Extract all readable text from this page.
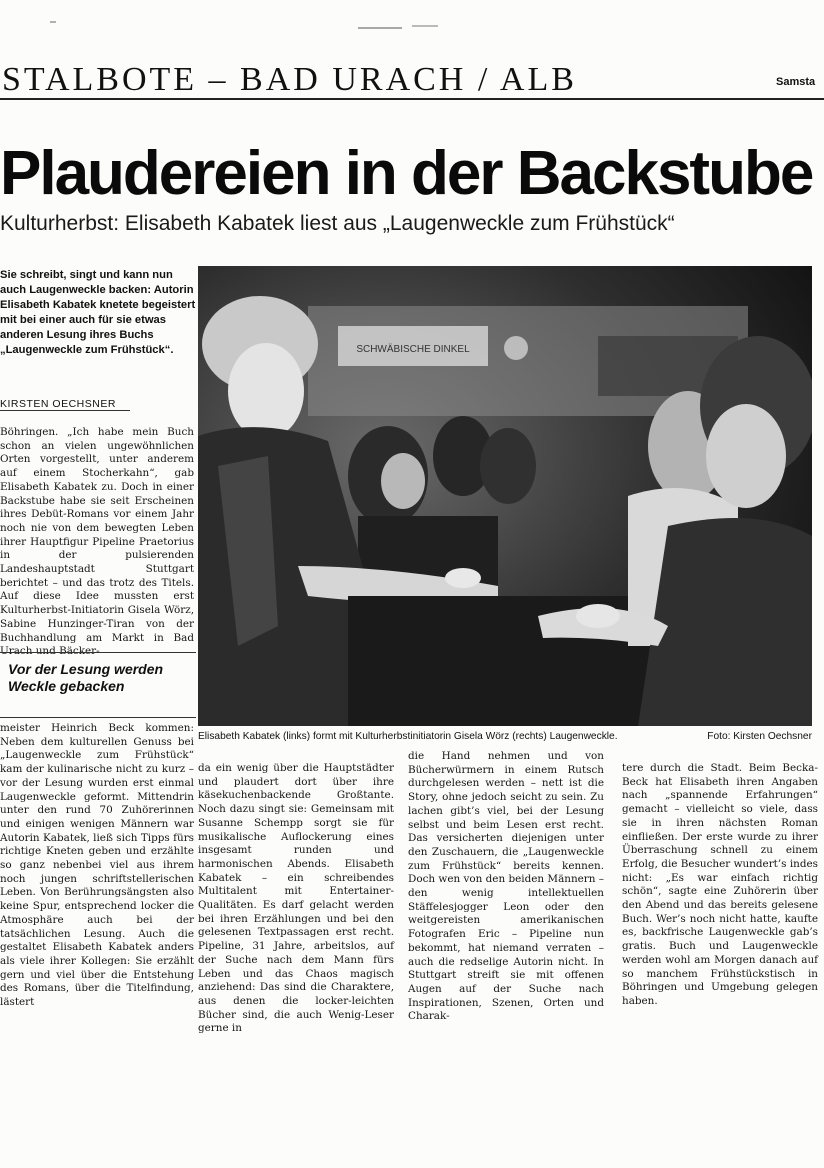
STALBOTE – BAD URACH / ALB	Samsta
Plaudereien in der Backstube
Kulturherbst: Elisabeth Kabatek liest aus „Laugenweckle zum Frühstück“
Sie schreibt, singt und kann nun auch Laugenweckle backen: Autorin Elisabeth Kabatek knetete begeistert mit bei einer auch für sie etwas anderen Lesung ihres Buchs „Laugenweckle zum Frühstück“.
KIRSTEN OECHSNER

Böhringen. „Ich habe mein Buch schon an vielen ungewöhnlichen Orten vorgestellt, unter anderem auf einem Stocherkahn“, gab Elisabeth Kabatek zu. Doch in einer Backstube habe sie seit Erscheinen ihres Debüt-Romans vor einem Jahr noch nie von dem bewegten Leben ihrer Hauptfigur Pipeline Praetorius in der pulsierenden Landeshauptstadt Stuttgart berichtet – und das trotz des Titels. Auf diese Idee mussten erst Kulturherbst-Initiatorin Gisela Wörz, Sabine Hunzinger-Tiran von der Buchhandlung am Markt in Bad Urach und Bäcker-

Vor der Lesung werden Weckle gebacken

meister Heinrich Beck kommen: Neben dem kulturellen Genuss bei „Laugenweckle zum Frühstück“ kam der kulinarische nicht zu kurz – vor der Lesung wurden erst einmal Laugenweckle geformt. Mittendrin unter den rund 70 Zuhörerinnen und einigen wenigen Männern war Autorin Kabatek, ließ sich Tipps fürs richtige Kneten geben und erzählte so ganz nebenbei viel aus ihrem noch jungen schriftstellerischen Leben. Von Berührungsängsten also keine Spur, entsprechend locker die Atmosphäre auch bei der tatsächlichen Lesung. Auch die gestaltet Elisabeth Kabatek anders als viele ihrer Kollegen: Sie erzählt gern und viel über die Entstehung des Romans, über die Titelfindung, lästert

SCHWÄBISCHE DINKEL
Elisabeth Kabatek (links) formt mit Kulturherbstinitiatorin Gisela Wörz (rechts) Laugenweckle.	Foto: Kirsten Oechsner

da ein wenig über die Hauptstädter und plaudert dort über ihre käsekuchenbackende Großtante. Noch dazu singt sie: Gemeinsam mit Susanne Schempp sorgt sie für musikalische Auflockerung eines insgesamt runden und harmonischen Abends. Elisabeth Kabatek – ein schreibendes Multitalent mit Entertainer-Qualitäten. Es darf gelacht werden bei ihren Erzählungen und bei den gelesenen Textpassagen erst recht. Pipeline, 31 Jahre, arbeitslos, auf der Suche nach dem Mann fürs Leben und das Chaos magisch anziehend: Das sind die Charaktere, aus denen die locker-leichten Bücher sind, die auch Wenig-Leser gerne in

die Hand nehmen und von Bücherwürmern in einem Rutsch durchgelesen werden – nett ist die Story, ohne jedoch seicht zu sein. Zu lachen gibt’s viel, bei der Lesung selbst und beim Lesen erst recht. Das versicherten diejenigen unter den Zuschauern, die „Laugenweckle zum Frühstück“ bereits kennen. Doch wen von den beiden Männern – den wenig intellektuellen Stäffelesjogger Leon oder den weitgereisten amerikanischen Fotografen Eric – Pipeline nun bekommt, hat niemand verraten – auch die redselige Autorin nicht. In Stuttgart streift sie mit offenen Augen auf der Suche nach Inspirationen, Szenen, Orten und Charak-

tere durch die Stadt. Beim Becka-Beck hat Elisabeth ihren Angaben nach „spannende Erfahrungen“ gemacht – vielleicht so viele, dass sie in ihren nächsten Roman einfließen. Der erste wurde zu ihrer Überraschung schnell zu einem Erfolg, die Besucher wundert’s indes nicht: „Es war einfach richtig schön“, sagte eine Zuhörerin über den Abend und das bereits gelesene Buch. Wer’s noch nicht hatte, kaufte es, backfrische Laugenweckle gab’s gratis. Buch und Laugenweckle werden wohl am Morgen danach auf so manchem Frühstückstisch in Böhringen und Umgebung gelegen haben.
